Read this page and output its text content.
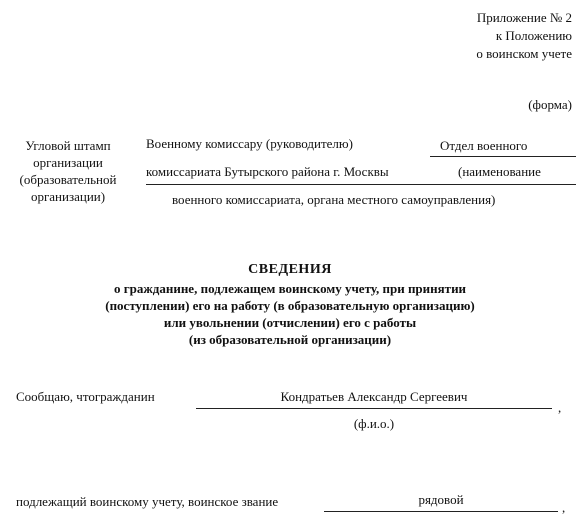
Приложение № 2
к Положению
о воинском учете
(форма)
Угловой штамп
организации
(образовательной
организации)
Военному комиссару (руководителю)	Отдел военного
комиссариата Бутырского района г. Москвы	(наименование
военного комиссариата, органа местного самоуправления)
СВЕДЕНИЯ
о гражданине, подлежащем воинскому учету, при принятии
(поступлении) его на работу (в образовательную организацию)
или увольнении (отчислении) его с работы
(из образовательной организации)
Сообщаю, чтогражданин	Кондратьев Александр Сергеевич
,
(ф.и.о.)
подлежащий воинскому учету, воинское звание	рядовой
,
